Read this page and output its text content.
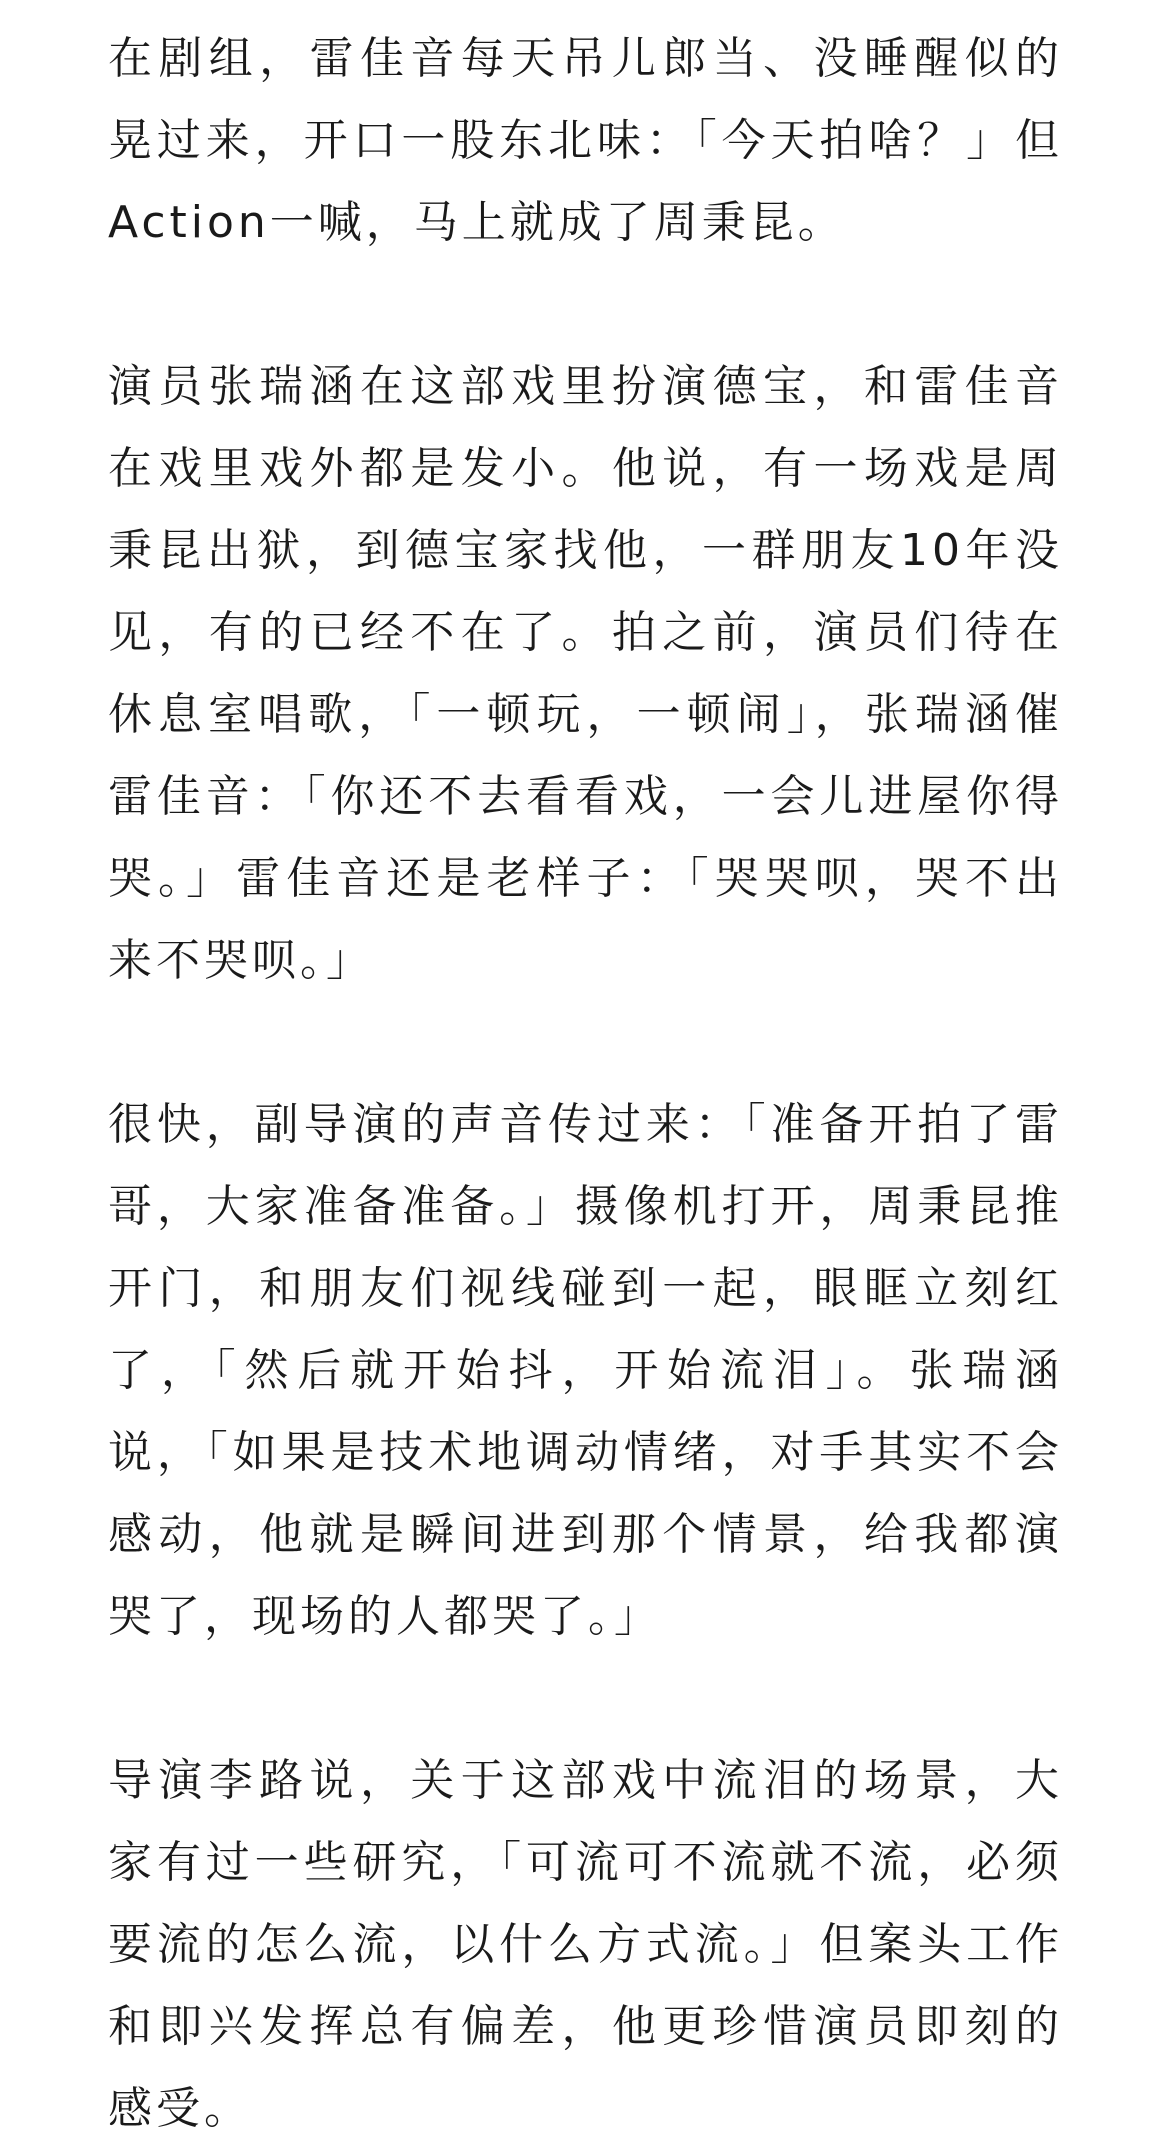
在剧组，雷佳音每天吊儿郎当、没睡醒似的晃过来，开口一股东北味：「今天拍啥？」但Action一喊，马上就成了周秉昆。

演员张瑞涵在这部戏里扮演德宝，和雷佳音在戏里戏外都是发小。他说，有一场戏是周秉昆出狱，到德宝家找他，一群朋友10年没见，有的已经不在了。拍之前，演员们待在休息室唱歌，「一顿玩，一顿闹」，张瑞涵催雷佳音：「你还不去看看戏，一会儿进屋你得哭。」雷佳音还是老样子：「哭哭呗，哭不出来不哭呗。」

很快，副导演的声音传过来：「准备开拍了雷哥，大家准备准备。」摄像机打开，周秉昆推开门，和朋友们视线碰到一起，眼眶立刻红了，「然后就开始抖，开始流泪」。张瑞涵说，「如果是技术地调动情绪，对手其实不会感动，他就是瞬间进到那个情景，给我都演哭了，现场的人都哭了。」

导演李路说，关于这部戏中流泪的场景，大家有过一些研究，「可流可不流就不流，必须要流的怎么流，以什么方式流。」但案头工作和即兴发挥总有偏差，他更珍惜演员即刻的感受。
